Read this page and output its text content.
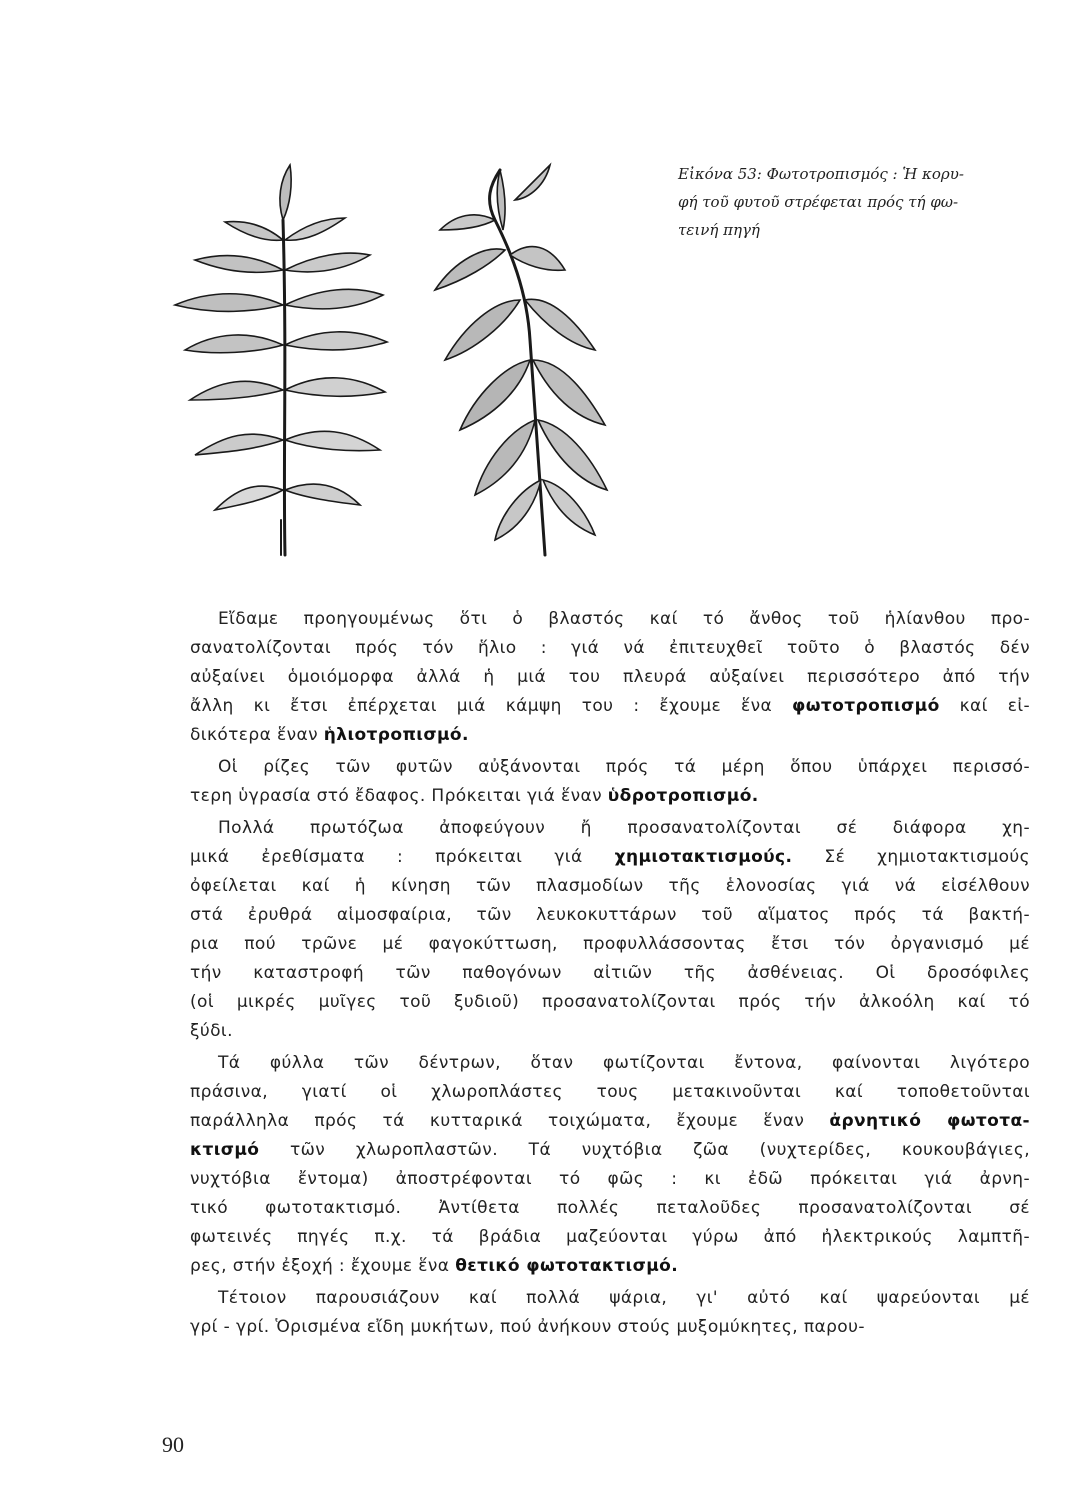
Εἰκόνα 53: Φωτοτροπισμός : Ἡ κορυ-
φή τοῦ φυτοῦ στρέφεται πρός τή φω-
τεινή πηγή
Εἴδαμε προηγουμένως ὅτι ὁ βλαστός καί τό ἄνθος τοῦ ἡλίανθου προ-
σανατολίζονται πρός τόν ἥλιο : γιά νά ἐπιτευχθεῖ τοῦτο ὁ βλαστός δέν
αὐξαίνει ὁμοιόμορφα ἀλλά ἡ μιά του πλευρά αὐξαίνει περισσότερο ἀπό τήν
ἄλλη κι ἔτσι ἐπέρχεται μιά κάμψη του : ἔχουμε ἕνα φωτοτροπισμό καί εἰ-
δικότερα ἕναν ἡλιοτροπισμό.
Οἱ ρίζες τῶν φυτῶν αὐξάνονται πρός τά μέρη ὅπου ὑπάρχει περισσό-
τερη ὑγρασία στό ἔδαφος. Πρόκειται γιά ἕναν ὑδροτροπισμό.
Πολλά πρωτόζωα ἀποφεύγουν ἤ προσανατολίζονται σέ διάφορα χη-
μικά ἐρεθίσματα : πρόκειται γιά χημιοτακτισμούς. Σέ χημιοτακτισμούς
ὀφείλεται καί ἡ κίνηση τῶν πλασμοδίων τῆς ἑλονοσίας γιά νά εἰσέλθουν
στά ἐρυθρά αἱμοσφαίρια, τῶν λευκοκυττάρων τοῦ αἵματος πρός τά βακτή-
ρια πού τρῶνε μέ φαγοκύττωση, προφυλλάσσοντας ἔτσι τόν ὀργανισμό μέ
τήν καταστροφή τῶν παθογόνων αἰτιῶν τῆς ἀσθένειας. Οἱ δροσόφιλες
(οἱ μικρές μυῖγες τοῦ ξυδιοῦ) προσανατολίζονται πρός τήν ἀλκοόλη καί τό
ξύδι.
Τά φύλλα τῶν δέντρων, ὅταν φωτίζονται ἔντονα, φαίνονται λιγότερο
πράσινα, γιατί οἱ χλωροπλάστες τους μετακινοῦνται καί τοποθετοῦνται
παράλληλα πρός τά κυτταρικά τοιχώματα, ἔχουμε ἕναν ἀρνητικό φωτοτα-
κτισμό τῶν χλωροπλαστῶν. Τά νυχτόβια ζῶα (νυχτερίδες, κουκουβάγιες,
νυχτόβια ἔντομα) ἀποστρέφονται τό φῶς : κι ἐδῶ πρόκειται γιά ἀρνη-
τικό φωτοτακτισμό. Ἀντίθετα πολλές πεταλοῦδες προσανατολίζονται σέ
φωτεινές πηγές π.χ. τά βράδια μαζεύονται γύρω ἀπό ἠλεκτρικούς λαμπτῆ-
ρες, στήν ἐξοχή : ἔχουμε ἕνα θετικό φωτοτακτισμό.
Τέτοιον παρουσιάζουν καί πολλά ψάρια, γι' αὐτό καί ψαρεύονται μέ
γρί - γρί. Ὁρισμένα εἴδη μυκήτων, πού ἀνήκουν στούς μυξομύκητες, παρου-
90
